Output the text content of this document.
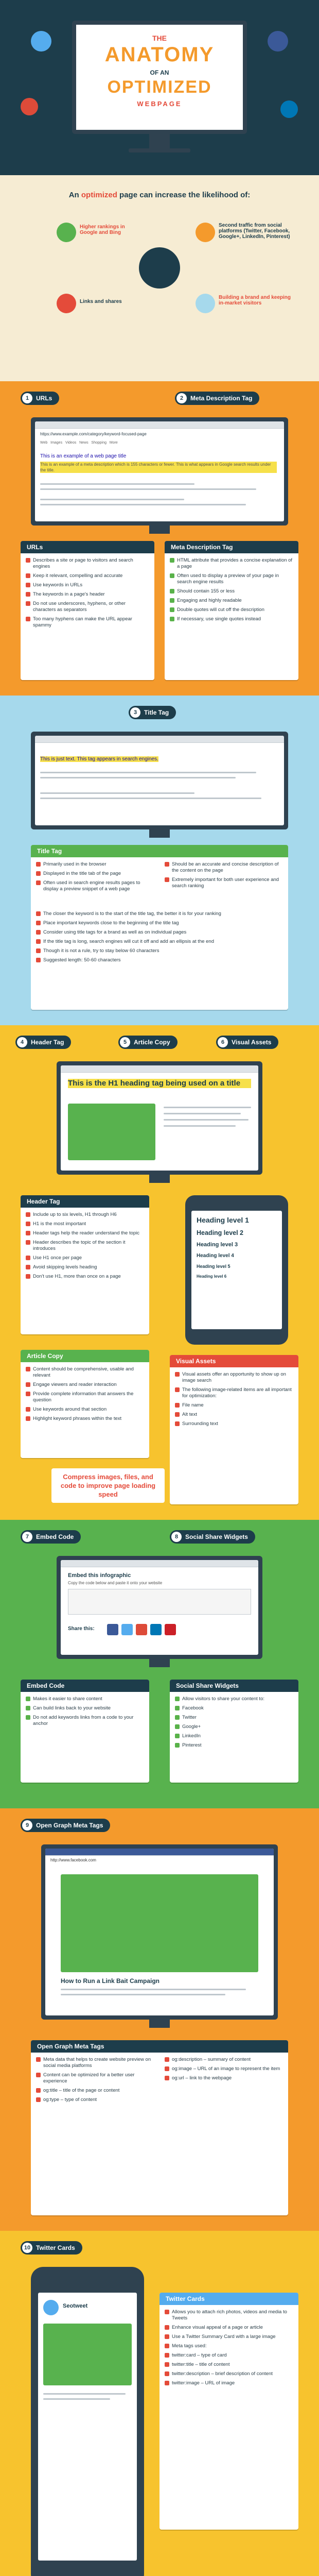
THE
ANATOMY
OF AN
OPTIMIZED
WEBPAGE
An optimized page can increase the likelihood of:
Higher rankings in Google and Bing
Second traffic from social platforms (Twitter, Facebook, Google+, LinkedIn, Pinterest)
Links and shares
Building a brand and keeping in-market visitors
1	URLs	2	Meta Description Tag
https://www.example.com/category/keyword-focused-page
Web Images Videos News Shopping More
This is an example of a web page title
This is an example of a meta description which is 155 characters or fewer. This is what appears in Google search results under the title.
URLs
Describes a site or page to visitors and search engines
Keep it relevant, compelling and accurate
Use keywords in URLs
The keywords in a page's header
Do not use underscores, hyphens, or other characters as separators
Too many hyphens can make the URL appear spammy
Meta Description Tag
HTML attribute that provides a concise explanation of a page
Often used to display a preview of your page in search engine results
Should contain 155 or less
Engaging and highly readable
Double quotes will cut off the description
If necessary, use single quotes instead
3	Title Tag
This is just text. This tag appears in search engines.
Title Tag
Primarily used in the browser
Displayed in the title tab of the page
Often used in search engine results pages to display a preview snippet of a web page
Should be an accurate and concise description of the content on the page
Extremely important for both user experience and search ranking
The closer the keyword is to the start of the title tag, the better it is for your ranking
Place important keywords close to the beginning of the title tag
Consider using title tags for a brand as well as on individual pages
If the title tag is long, search engines will cut it off and add an ellipsis at the end
Though it is not a rule, try to stay below 60 characters
Suggested length: 50-60 characters
4	Header Tag	5	Article Copy	6	Visual Assets
This is the H1 heading tag being used on a title
Header Tag
Include up to six levels, H1 through H6
H1 is the most important
Header tags help the reader understand the topic
Header describes the topic of the section it introduces
Use H1 once per page
Avoid skipping levels heading
Don't use H1, more than once on a page
Heading level 1
Heading level 2
Heading level 3
Heading level 4
Heading level 5
Heading level 6
Article Copy
Content should be comprehensive, usable and relevant
Engage viewers and reader interaction
Provide complete information that answers the question
Use keywords around that section
Highlight keyword phrases within the text
Visual Assets
Visual assets offer an opportunity to show up on image search
The following image-related items are all important for optimization:
File name
Alt text
Surrounding text
Compress images, files, and code to improve page loading speed
7	Embed Code	8	Social Share Widgets
Embed this infographic
Copy the code below and paste it onto your website
Share this:
Embed Code
Makes it easier to share content
Can build links back to your website
Do not add keywords links from a code to your anchor
Social Share Widgets
Allow visitors to share your content to:
Facebook
Twitter
Google+
LinkedIn
Pinterest
9	Open Graph Meta Tags
http://www.facebook.com
How to Run a Link Bait Campaign
Open Graph Meta Tags
Meta data that helps to create website preview on social media platforms
Content can be optimized for a better user experience
og:title – title of the page or content
og:type – type of content
og:description – summary of content
og:image – URL of an image to represent the item
og:url – link to the webpage
10 Twitter Cards
Seotweet
Twitter Cards
Allows you to attach rich photos, videos and media to Tweets
Enhance visual appeal of a page or article
Use a Twitter Summary Card with a large image
Meta tags used:
twitter:card – type of card
twitter:title – title of content
twitter:description – brief description of content
twitter:image – URL of image
